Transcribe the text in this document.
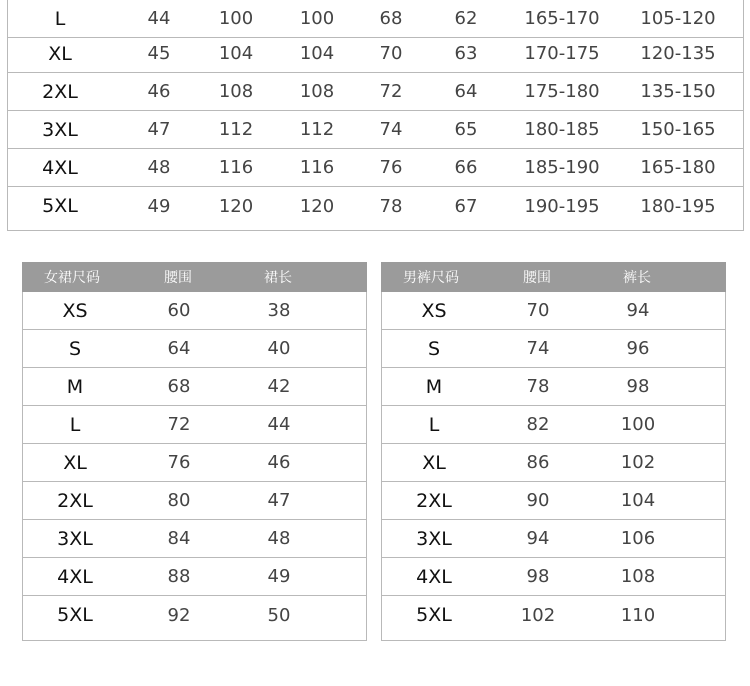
L	44	100	100	68	62	165-170	105-120
XL	45	104	104	70	63	170-175	120-135
2XL	46	108	108	72	64	175-180	135-150
3XL	47	112	112	74	65	180-185	150-165
4XL	48	116	116	76	66	185-190	165-180
5XL	49	120	120	78	67	190-195	180-195
女裙尺码	腰围	裙长
XS	60	38
S	64	40
M	68	42
L	72	44
XL	76	46
2XL	80	47
3XL	84	48
4XL	88	49
5XL	92	50
男裤尺码	腰围	裤长
XS	70	94
S	74	96
M	78	98
L	82	100
XL	86	102
2XL	90	104
3XL	94	106
4XL	98	108
5XL	102	110
